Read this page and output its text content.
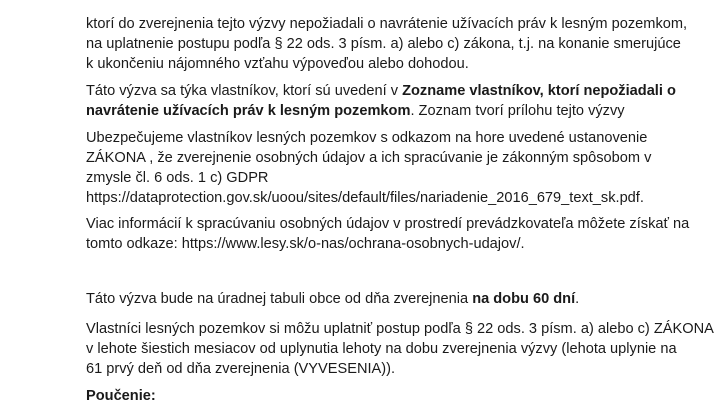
ktorí do zverejnenia tejto výzvy nepožiadali o navrátenie užívacích práv k lesným pozemkom,
na uplatnenie postupu podľa § 22 ods. 3 písm. a) alebo c) zákona, t.j. na konanie smerujúce
k ukončeniu nájomného vzťahu výpoveďou alebo dohodou.
Táto výzva sa týka vlastníkov, ktorí sú uvedení v Zozname vlastníkov, ktorí nepožiadali o
navrátenie užívacích práv k lesným pozemkom. Zoznam tvorí prílohu tejto výzvy
Ubezpečujeme vlastníkov lesných pozemkov s odkazom na hore uvedené ustanovenie
ZÁKONA , že zverejnenie osobných údajov a ich spracúvanie je zákonným spôsobom v
zmysle čl. 6 ods. 1 c) GDPR
https://dataprotection.gov.sk/uoou/sites/default/files/nariadenie_2016_679_text_sk.pdf.
Viac informácií k spracúvaniu osobných údajov v prostredí prevádzkovateľa môžete získať na
tomto odkaze: https://www.lesy.sk/o-nas/ochrana-osobnych-udajov/.
Táto výzva bude na úradnej tabuli obce od dňa zverejnenia na dobu 60 dní.
Vlastníci lesných pozemkov si môžu uplatniť postup podľa § 22 ods. 3 písm. a) alebo c) ZÁKONA
v lehote šiestich mesiacov od uplynutia lehoty na dobu zverejnenia výzvy (lehota uplynie na
61 prvý deň od dňa zverejnenia (VYVESENIA)).
Poučenie:
